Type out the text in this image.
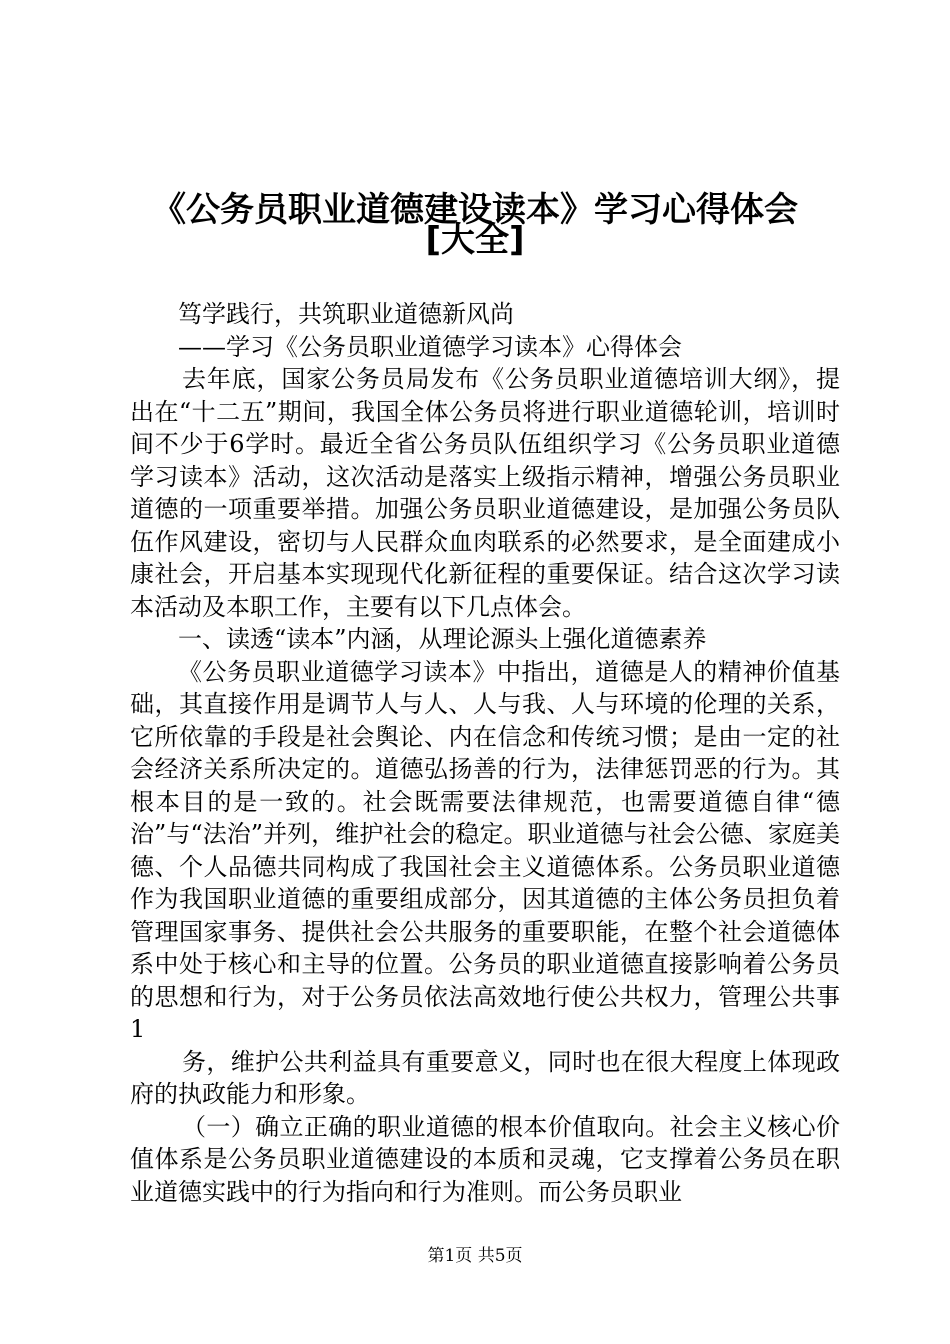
《公务员职业道德建设读本》学习心得体会
[大全]

笃学践行，共筑职业道德新风尚

——学习《公务员职业道德学习读本》心得体会

去年底，国家公务员局发布《公务员职业道德培训大纲》，提出在“十二五”期间，我国全体公务员将进行职业道德轮训，培训时间不少于6学时。最近全省公务员队伍组织学习《公务员职业道德学习读本》活动，这次活动是落实上级指示精神，增强公务员职业道德的一项重要举措。加强公务员职业道德建设，是加强公务员队伍作风建设，密切与人民群众血肉联系的必然要求，是全面建成小康社会，开启基本实现现代化新征程的重要保证。结合这次学习读本活动及本职工作，主要有以下几点体会。

一、读透“读本”内涵，从理论源头上强化道德素养

《公务员职业道德学习读本》中指出，道德是人的精神价值基础，其直接作用是调节人与人、人与我、人与环境的伦理的关系，它所依靠的手段是社会舆论、内在信念和传统习惯；是由一定的社会经济关系所决定的。道德弘扬善的行为，法律惩罚恶的行为。其根本目的是一致的。社会既需要法律规范，也需要道德自律“德治”与“法治”并列，维护社会的稳定。职业道德与社会公德、家庭美德、个人品德共同构成了我国社会主义道德体系。公务员职业道德作为我国职业道德的重要组成部分，因其道德的主体公务员担负着管理国家事务、提供社会公共服务的重要职能，在整个社会道德体系中处于核心和主导的位置。公务员的职业道德直接影响着公务员的思想和行为，对于公务员依法高效地行使公共权力，管理公共事1

务，维护公共利益具有重要意义，同时也在很大程度上体现政府的执政能力和形象。

（一）确立正确的职业道德的根本价值取向。社会主义核心价值体系是公务员职业道德建设的本质和灵魂，它支撑着公务员在职业道德实践中的行为指向和行为准则。而公务员职业

第1页 共5页
